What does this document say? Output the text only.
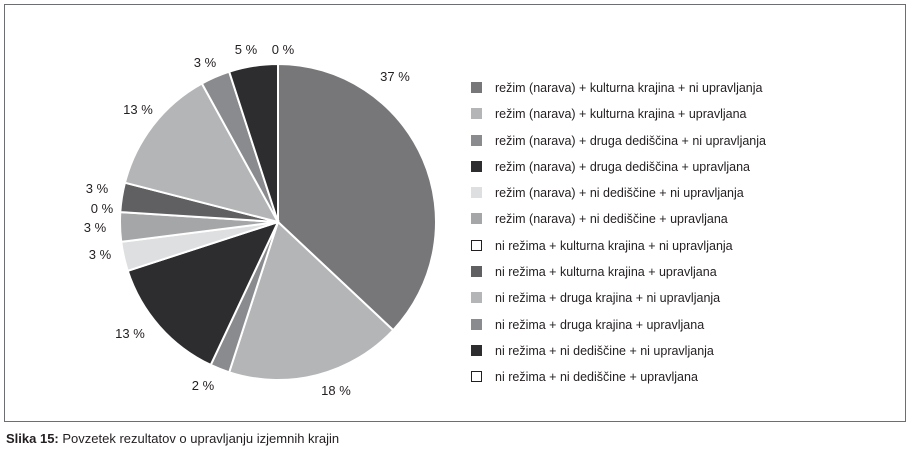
37 %
18 %
2 %
13 %
3 %
3 %
0 %
3 %
13 %
3 %
5 % 0 %
režim (narava) + kulturna krajina + ni upravljanja
režim (narava) + kulturna krajina + upravljana
režim (narava) + druga dediščina + ni upravljanja
režim (narava) + druga dediščina + upravljana
režim (narava) + ni dediščine + ni upravljanja
režim (narava) + ni dediščine + upravljana
ni režima + kulturna krajina + ni upravljanja
ni režima + kulturna krajina + upravljana
ni režima + druga krajina + ni upravljanja
ni režima + druga krajina + upravljana
ni režima + ni dediščine + ni upravljanja
ni režima + ni dediščine + upravljana
Slika 15: Povzetek rezultatov o upravljanju izjemnih krajin
